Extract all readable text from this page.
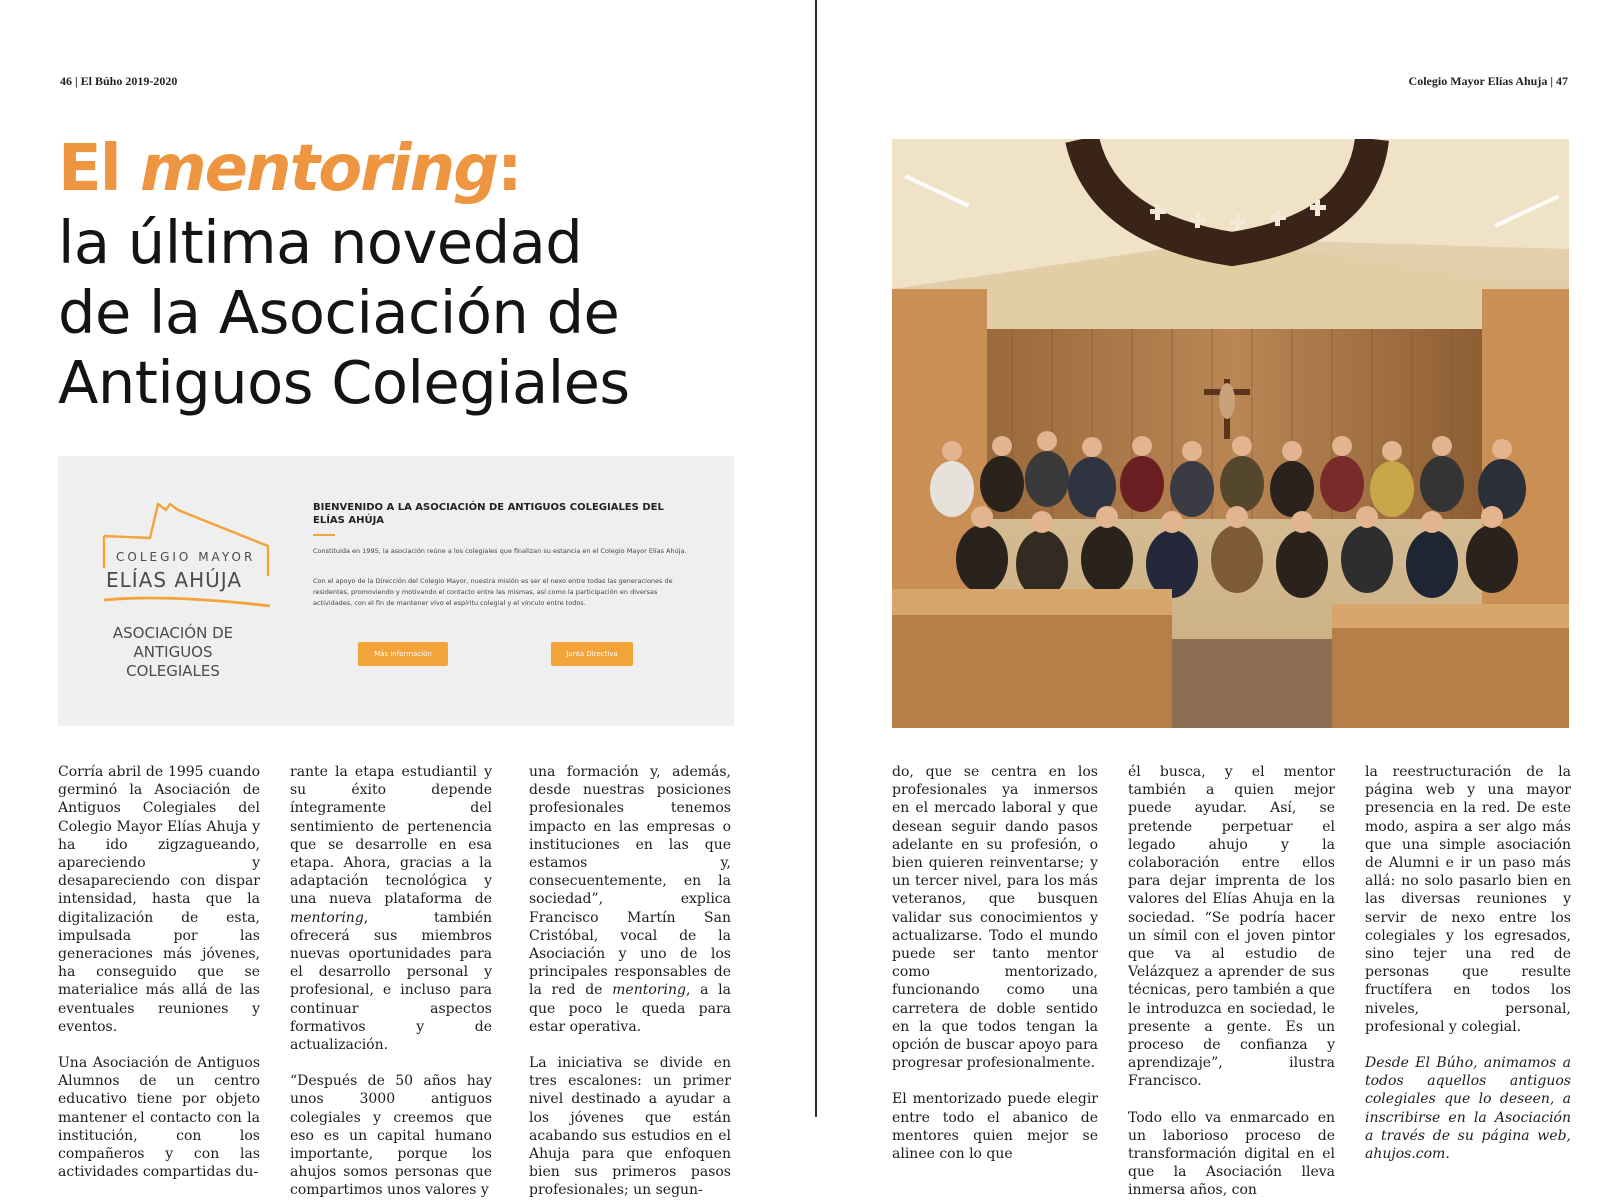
46 | El Búho 2019-2020	Colegio Mayor Elías Ahuja | 47
El mentoring:
la última novedad
de la Asociación de
Antiguos Colegiales
COLEGIO MAYOR
ELÍAS AHÚJA
ASOCIACIÓN DE ANTIGUOS COLEGIALES
BIENVENIDO A LA ASOCIACIÓN DE ANTIGUOS COLEGIALES DEL ELÍAS AHÚJA
Constituida en 1995, la asociación reúne a los colegiales que finalizan su estancia en el Colegio Mayor Elías Ahúja.
Con el apoyo de la Dirección del Colegio Mayor, nuestra misión es ser el nexo entre todas las generaciones de residentes, promoviendo y motivando el contacto entre las mismas, así como la participación en diversas actividades, con el fin de mantener vivo el espíritu colegial y el vínculo entre todos.
Más información	Junta Directiva

Corría abril de 1995 cuando germinó la Asociación de Antiguos Colegiales del Colegio Mayor Elías Ahuja y ha ido zigzagueando, apareciendo y desapareciendo con dispar intensidad, hasta que la digitalización de esta, impulsada por las generaciones más jóvenes, ha conseguido que se materialice más allá de las eventuales reuniones y eventos.

Una Asociación de Antiguos Alumnos de un centro educativo tiene por objeto mantener el contacto con la institución, con los compañeros y con las actividades compartidas du-

rante la etapa estudiantil y su éxito depende íntegramente del sentimiento de pertenencia que se desarrolle en esa etapa. Ahora, gracias a la adaptación tecnológica y una nueva plataforma de mentoring, también ofrecerá sus miembros nuevas oportunidades para el desarrollo personal y profesional, e incluso para continuar aspectos formativos y de actualización.

“Después de 50 años hay unos 3000 antiguos colegiales y creemos que eso es un capital humano importante, porque los ahujos somos personas que compartimos unos valores y

una formación y, además, desde nuestras posiciones profesionales tenemos impacto en las empresas o instituciones en las que estamos y, consecuentemente, en la sociedad”, explica Francisco Martín San Cristóbal, vocal de la Asociación y uno de los principales responsables de la red de mentoring, a la que poco le queda para estar operativa.

La iniciativa se divide en tres escalones: un primer nivel destinado a ayudar a los jóvenes que están acabando sus estudios en el Ahuja para que enfoquen bien sus primeros pasos profesionales; un segun-

do, que se centra en los profesionales ya inmersos en el mercado laboral y que desean seguir dando pasos adelante en su profesión, o bien quieren reinventarse; y un tercer nivel, para los más veteranos, que busquen validar sus conocimientos y actualizarse. Todo el mundo puede ser tanto mentor como mentorizado, funcionando como una carretera de doble sentido en la que todos tengan la opción de buscar apoyo para progresar profesionalmente.

El mentorizado puede elegir entre todo el abanico de mentores quien mejor se alinee con lo que

él busca, y el mentor también a quien mejor puede ayudar. Así, se pretende perpetuar el legado ahujo y la colaboración entre ellos para dejar imprenta de los valores del Elías Ahuja en la sociedad. “Se podría hacer un símil con el joven pintor que va al estudio de Velázquez a aprender de sus técnicas, pero también a que le introduzca en sociedad, le presente a gente. Es un proceso de confianza y aprendizaje”, ilustra Francisco.

Todo ello va enmarcado en un laborioso proceso de transformación digital en el que la Asociación lleva inmersa años, con

la reestructuración de la página web y una mayor presencia en la red. De este modo, aspira a ser algo más que una simple asociación de Alumni e ir un paso más allá: no solo pasarlo bien en las diversas reuniones y servir de nexo entre los colegiales y los egresados, sino tejer una red de personas que resulte fructífera en todos los niveles, personal, profesional y colegial.

Desde El Búho, animamos a todos aquellos antiguos colegiales que lo deseen, a inscribirse en la Asociación a través de su página web, ahujos.com.
